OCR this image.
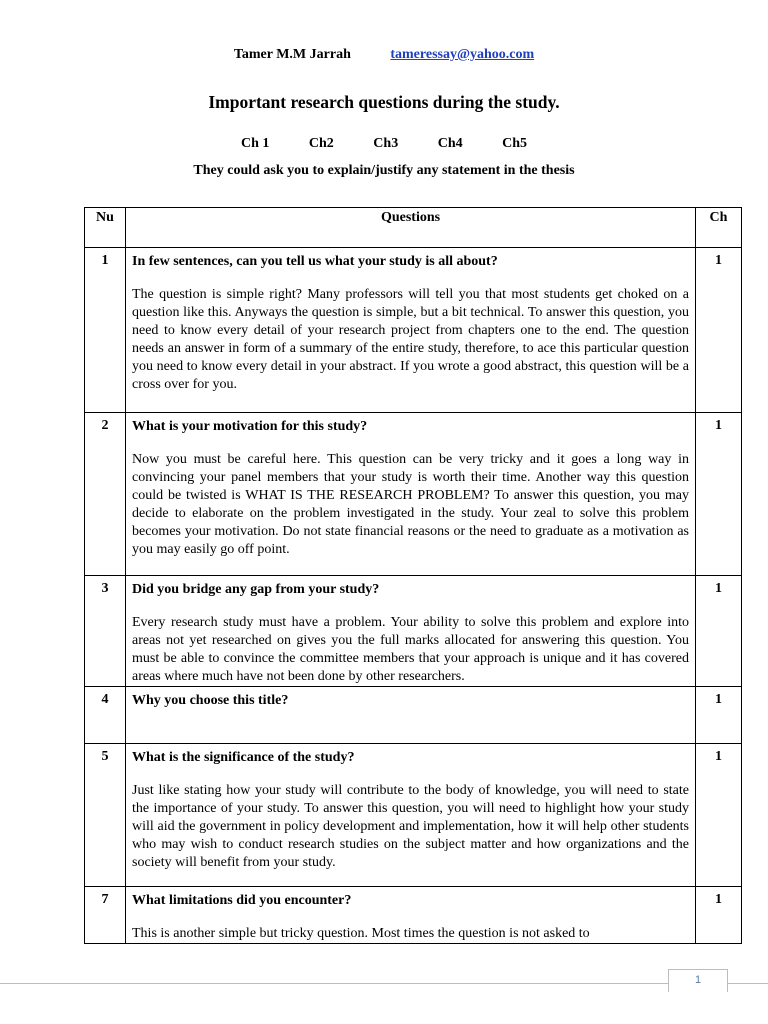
Tamer M.M Jarrah	tameressay@yahoo.com
Important research questions during the study.
Ch 1	Ch2	Ch3	Ch4	Ch5
They could ask you to explain/justify any statement in the thesis
Nu	Questions	Ch
1	In few sentences, can you tell us what your study is all about?

The question is simple right? Many professors will tell you that most students get choked on a question like this. Anyways the question is simple, but a bit technical. To answer this question, you need to know every detail of your research project from chapters one to the end. The question needs an answer in form of a summary of the entire study, therefore, to ace this particular question you need to know every detail in your abstract. If you wrote a good abstract, this question will be a cross over for you.	1
2	What is your motivation for this study?

Now you must be careful here. This question can be very tricky and it goes a long way in convincing your panel members that your study is worth their time. Another way this question could be twisted is WHAT IS THE RESEARCH PROBLEM? To answer this question, you may decide to elaborate on the problem investigated in the study. Your zeal to solve this problem becomes your motivation. Do not state financial reasons or the need to graduate as a motivation as you may easily go off point.	1
3	Did you bridge any gap from your study?

Every research study must have a problem. Your ability to solve this problem and explore into areas not yet researched on gives you the full marks allocated for answering this question. You must be able to convince the committee members that your approach is unique and it has covered areas where much have not been done by other researchers.	1
4	Why you choose this title?	1
5	What is the significance of the study?

Just like stating how your study will contribute to the body of knowledge, you will need to state the importance of your study. To answer this question, you will need to highlight how your study will aid the government in policy development and implementation, how it will help other students who may wish to conduct research studies on the subject matter and how organizations and the society will benefit from your study.	1
7	What limitations did you encounter?

This is another simple but tricky question. Most times the question is not asked to	1
1
